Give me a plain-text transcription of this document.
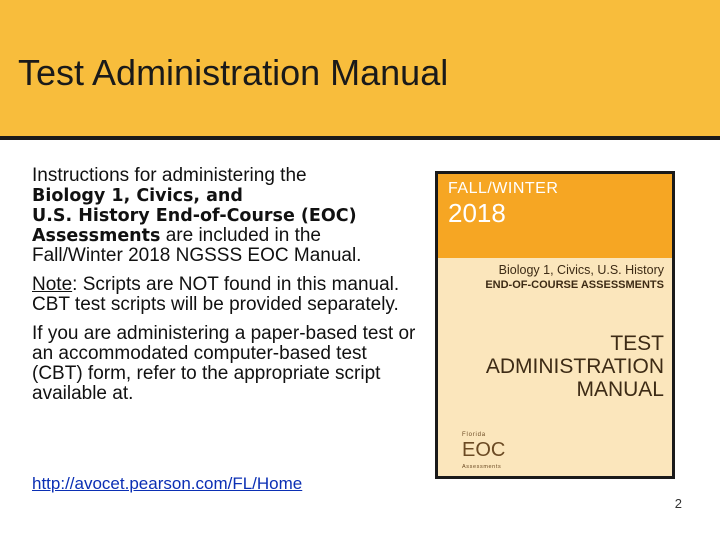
Test Administration Manual

Instructions for administering the
Biology 1, Civics, and
U.S. History End-of-Course (EOC)
Assessments are included in the Fall/Winter 2018 NGSSS EOC Manual.

Note: Scripts are NOT found in this manual. CBT test scripts will be provided separately.

If you are administering a paper-based test or an accommodated computer-based test (CBT) form, refer to the appropriate script available at.

http://avocet.pearson.com/FL/Home
FALL/WINTER
2018
Biology 1, Civics, U.S. History
END-OF-COURSE ASSESSMENTS
TEST
ADMINISTRATION
MANUAL
Florida
EOC
Assessments
2
